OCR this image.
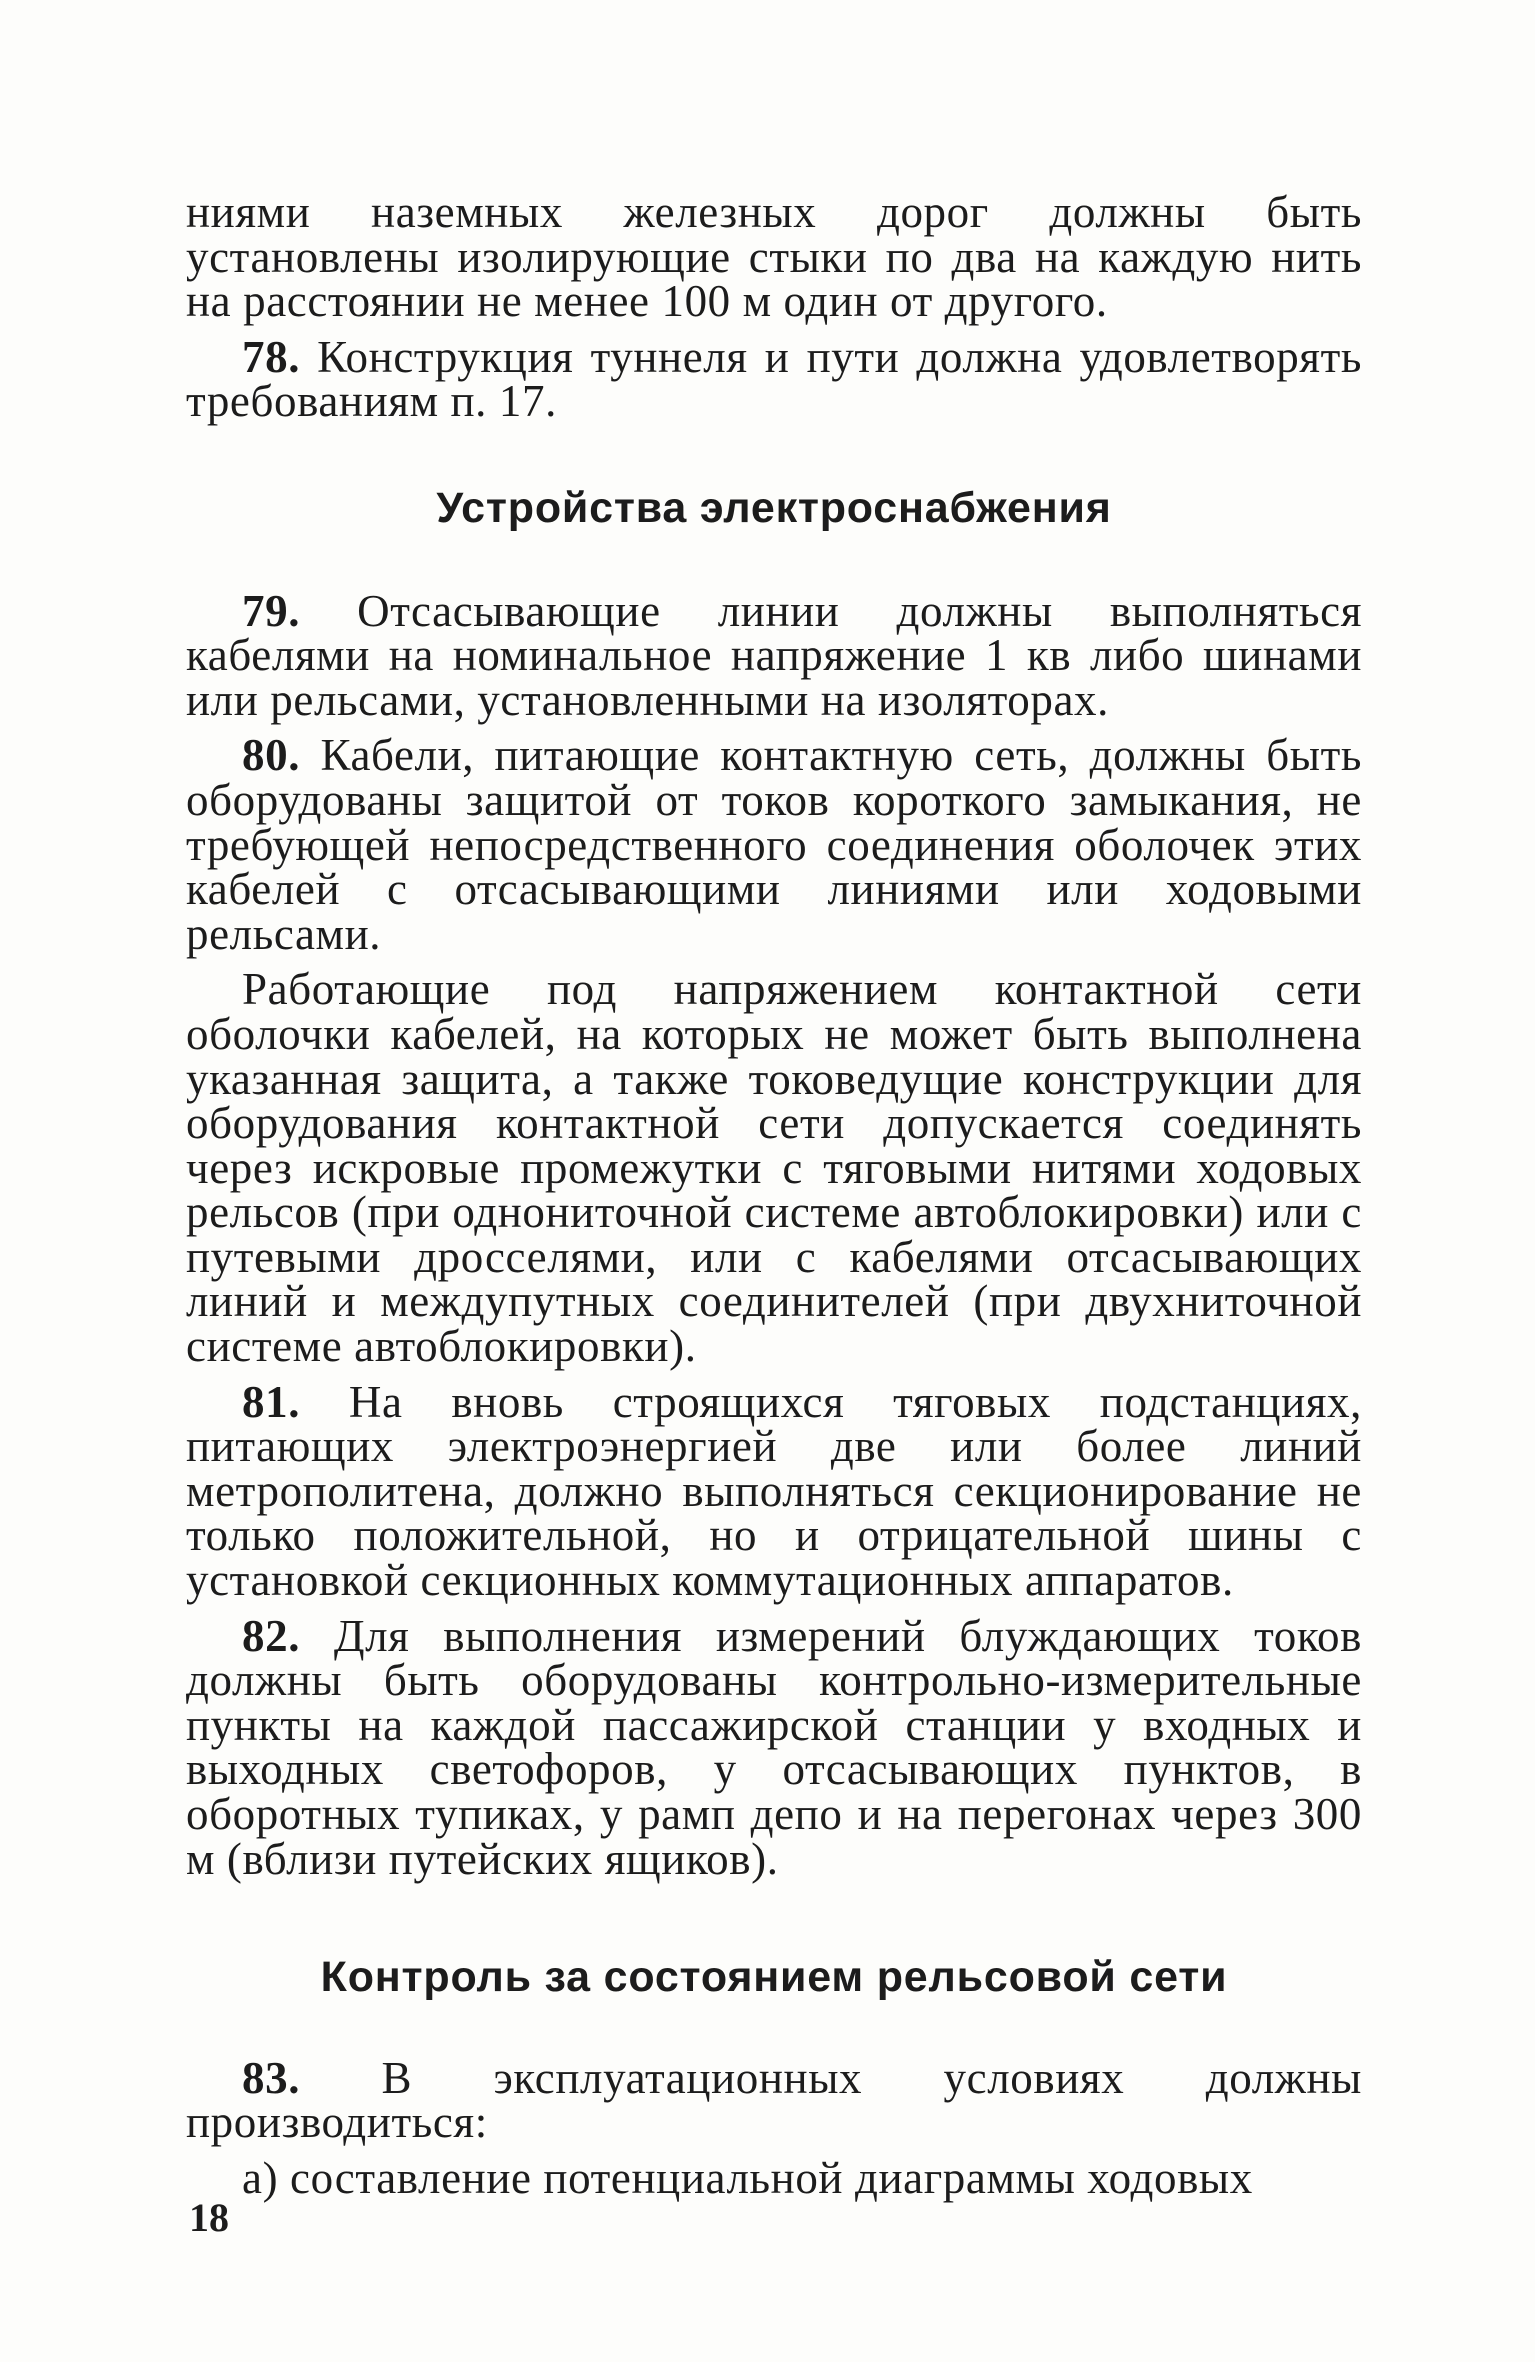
ниями наземных железных дорог должны быть установлены изолирующие стыки по два на каждую нить на расстоянии не менее 100 м один от другого.

78. Конструкция туннеля и пути должна удовлетворять требованиям п. 17.

Устройства электроснабжения

79. Отсасывающие линии должны выполняться кабелями на номинальное напряжение 1 кв либо шинами или рельсами, установленными на изоляторах.

80. Кабели, питающие контактную сеть, должны быть оборудованы защитой от токов короткого замыкания, не требующей непосредственного соединения оболочек этих кабелей с отсасывающими линиями или ходовыми рельсами.

Работающие под напряжением контактной сети оболочки кабелей, на которых не может быть выполнена указанная защита, а также токоведущие конструкции для оборудования контактной сети допускается соединять через искровые промежутки с тяговыми нитями ходовых рельсов (при однониточной системе автоблокировки) или с путевыми дросселями, или с кабелями отсасывающих линий и междупутных соединителей (при двухниточной системе автоблокировки).

81. На вновь строящихся тяговых подстанциях, питающих электроэнергией две или более линий метрополитена, должно выполняться секционирование не только положительной, но и отрицательной шины с установкой секционных коммутационных аппаратов.

82. Для выполнения измерений блуждающих токов должны быть оборудованы контрольно-измерительные пункты на каждой пассажирской станции у входных и выходных светофоров, у отсасывающих пунктов, в оборотных тупиках, у рамп депо и на перегонах через 300 м (вблизи путейских ящиков).

Контроль за состоянием рельсовой сети

83. В эксплуатационных условиях должны производиться:

а) составление потенциальной диаграммы ходовых

18
